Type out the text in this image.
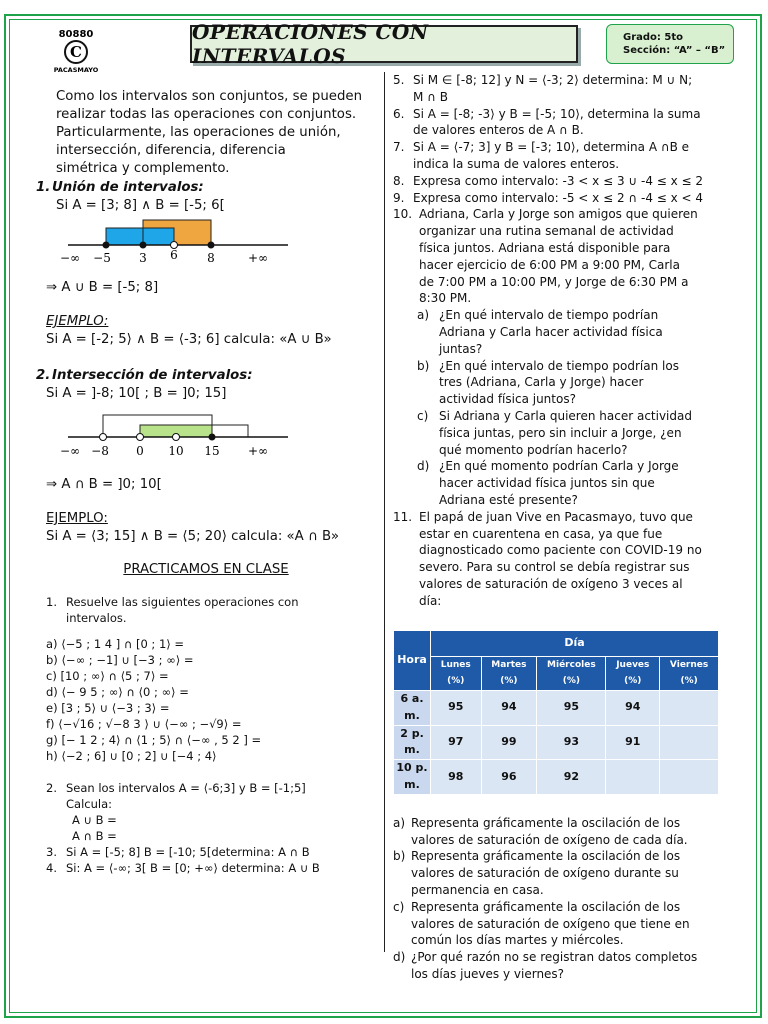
80880
C
PACASMAYO
OPERACIONES CON INTERVALOS
Grado: 5to
Sección: “A” – “B”

Como los intervalos son conjuntos, se pueden

realizar todas las operaciones con conjuntos.

Particularmente, las operaciones de unión,

intersección, diferencia, diferencia

simétrica y complemento.

1. Unión de intervalos:

Si A = [3; 8] ∧ B = [-5; 6[

−∞ −5 3 6 8	+∞

⇒ A ∪ B = [-5; 8]

EJEMPLO:

Si A = [-2; 5⟩ ∧ B = ⟨-3; 6] calcula: «A ∪ B»

2. Intersección de intervalos:

Si A = ]-8; 10[ ; B = ]0; 15]

−∞ −8 0 10 15 +∞

⇒ A ∩ B = ]0; 10[

EJEMPLO:

Si A = ⟨3; 15] ∧ B = ⟨5; 20⟩ calcula: «A ∩ B»

PRACTICAMOS EN CLASE

1. Resuelve las siguientes operaciones con
intervalos.
a) ⟨−5 ; 1 4 ] ∩ [0 ; 1⟩ =
b) ⟨−∞ ; −1] ∪ [−3 ; ∞⟩ =
c) [10 ; ∞⟩ ∩ ⟨5 ; 7⟩ =
d) ⟨− 9 5 ; ∞⟩ ∩ ⟨0 ; ∞⟩ =
e) [3 ; 5⟩ ∪ ⟨−3 ; 3⟩ =
f) ⟨−√16 ; √−8 3 ⟩ ∪ ⟨−∞ ; −√9⟩ =
g) [− 1 2 ; 4⟩ ∩ ⟨1 ; 5⟩ ∩ ⟨−∞ , 5 2 ] =
h) ⟨−2 ; 6] ∪ [0 ; 2] ∪ [−4 ; 4⟩
2. Sean los intervalos A = ⟨-6;3] y B = [-1;5]
Calcula:
A ∪ B =
A ∩ B =
3. Si A = [-5; 8] B = [-10; 5[determina: A ∩ B
4. Si: A = ⟨-∞; 3[ B = [0; +∞⟩ determina: A ∪ B
5. Si M ∈ [-8; 12] y N = ⟨-3; 2⟩ determina: M ∪ N;
M ∩ B
6. Si A = [-8; -3⟩ y B = [-5; 10⟩, determina la suma
de valores enteros de A ∩ B.
7. Si A = ⟨-7; 3] y B = [-3; 10⟩, determina A ∩B e
indica la suma de valores enteros.
8. Expresa como intervalo: -3 < x ≤ 3 ∪ -4 ≤ x ≤ 2
9. Expresa como intervalo: -5 < x ≤ 2 ∩ -4 ≤ x < 4
10. Adriana, Carla y Jorge son amigos que quieren
organizar una rutina semanal de actividad
física juntos. Adriana está disponible para
hacer ejercicio de 6:00 PM a 9:00 PM, Carla
de 7:00 PM a 10:00 PM, y Jorge de 6:30 PM a
8:30 PM.
a) ¿En qué intervalo de tiempo podrían
Adriana y Carla hacer actividad física
juntas?
b) ¿En qué intervalo de tiempo podrían los
tres (Adriana, Carla y Jorge) hacer
actividad física juntos?
c) Si Adriana y Carla quieren hacer actividad
física juntas, pero sin incluir a Jorge, ¿en
qué momento podrían hacerlo?
d) ¿En qué momento podrían Carla y Jorge
hacer actividad física juntos sin que
Adriana esté presente?
11. El papá de juan Vive en Pacasmayo, tuvo que
estar en cuarentena en casa, ya que fue
diagnosticado como paciente con COVID-19 no
severo. Para su control se debía registrar sus
valores de saturación de oxígeno 3 veces al
día:
Hora	Día				
	Lunes (%)	Martes (%)	Miércoles (%)	Jueves (%)	Viernes (%)
6 a. m.	95	94	95	94	
2 p. m.	97	99	93	91	
10 p. m.	98	96	92		
a) Representa gráficamente la oscilación de los
valores de saturación de oxígeno de cada día.
b) Representa gráficamente la oscilación de los
valores de saturación de oxígeno durante su
permanencia en casa.
c) Representa gráficamente la oscilación de los
valores de saturación de oxígeno que tiene en
común los días martes y miércoles.
d) ¿Por qué razón no se registran datos completos
los días jueves y viernes?
